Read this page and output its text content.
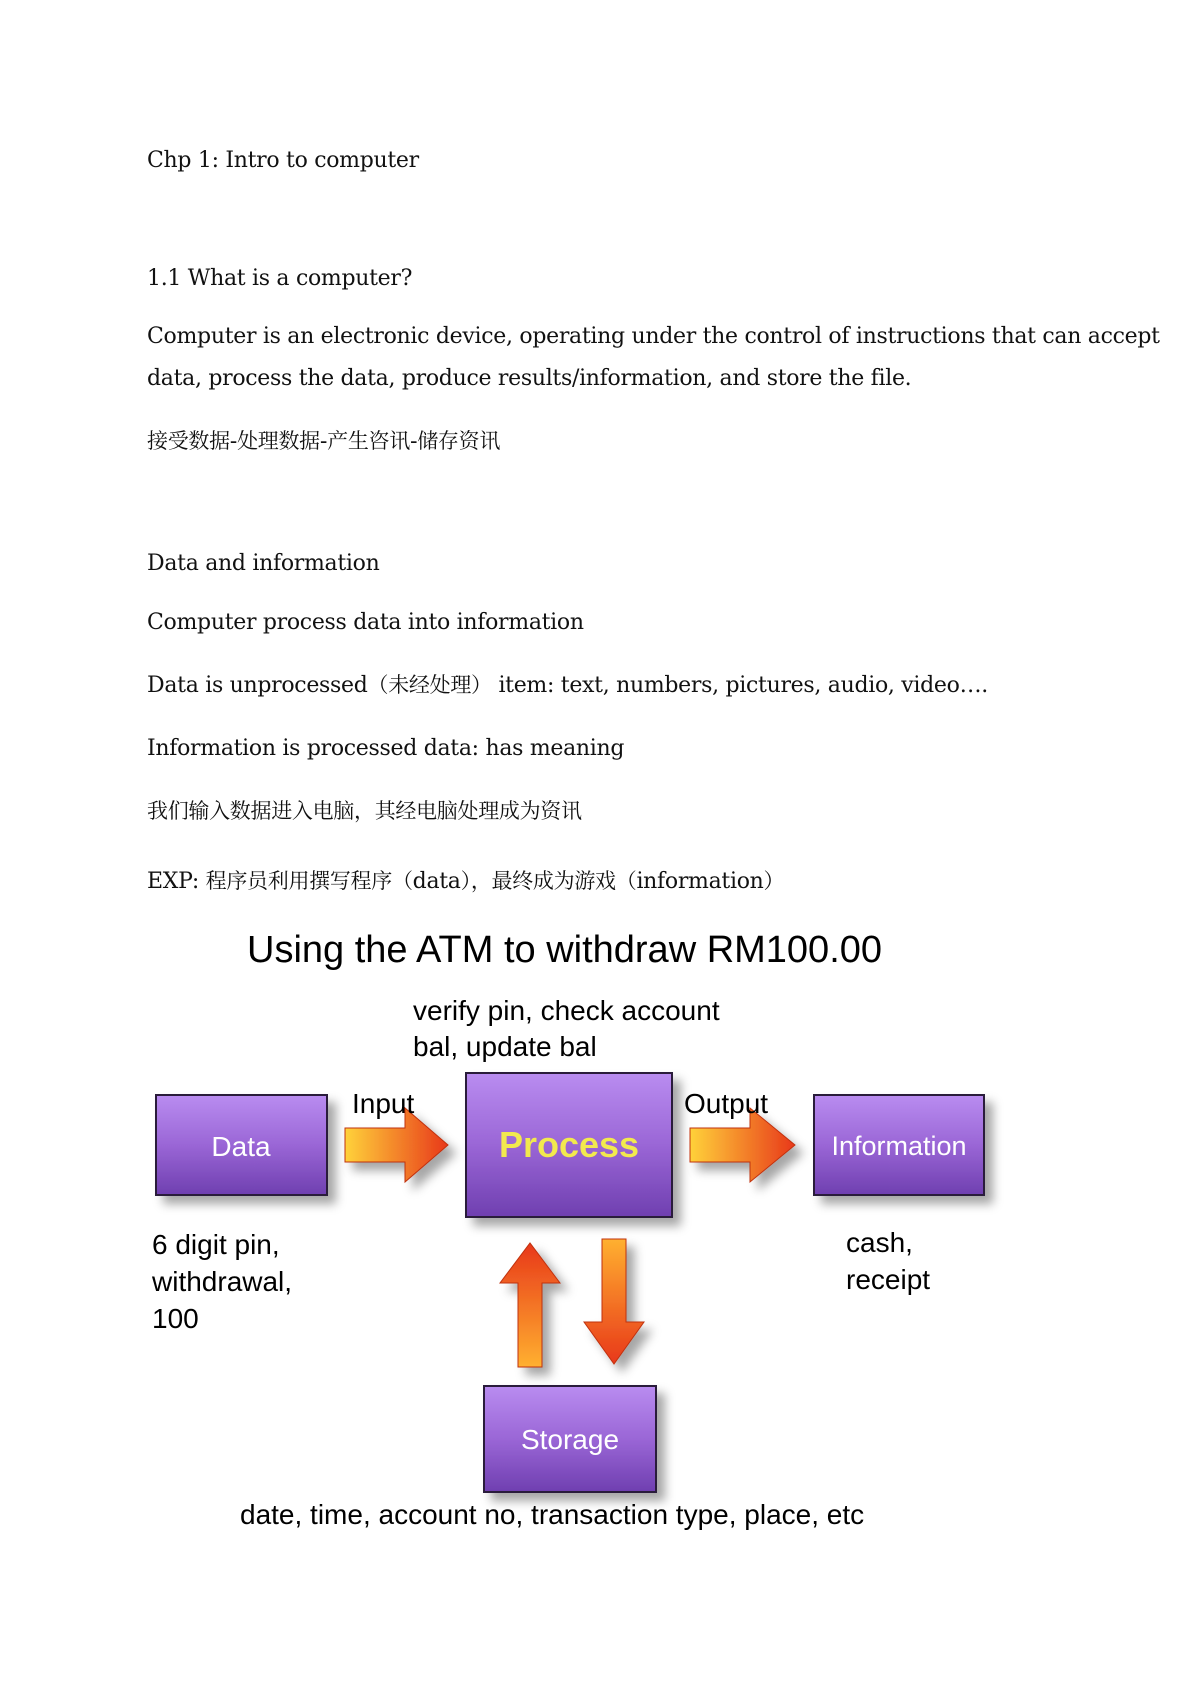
Chp 1: Intro to computer
1.1 What is a computer?
Computer is an electronic device, operating under the control of instructions that can accept
data, process the data, produce results/information, and store the file.
接受数据-处理数据-产生咨讯-储存资讯
Data and information
Computer process data into information
Data is unprocessed（未经处理） item: text, numbers, pictures, audio, video….
Information is processed data: has meaning
我们输入数据进入电脑，其经电脑处理成为资讯
EXP: 程序员利用撰写程序（data），最终成为游戏（information）
Using the ATM to withdraw RM100.00
verify pin, check account
bal, update bal
Data
Input
Process
Output
Information
6 digit pin,
withdrawal,
100
cash,
receipt
Storage
date, time, account no, transaction type, place, etc
